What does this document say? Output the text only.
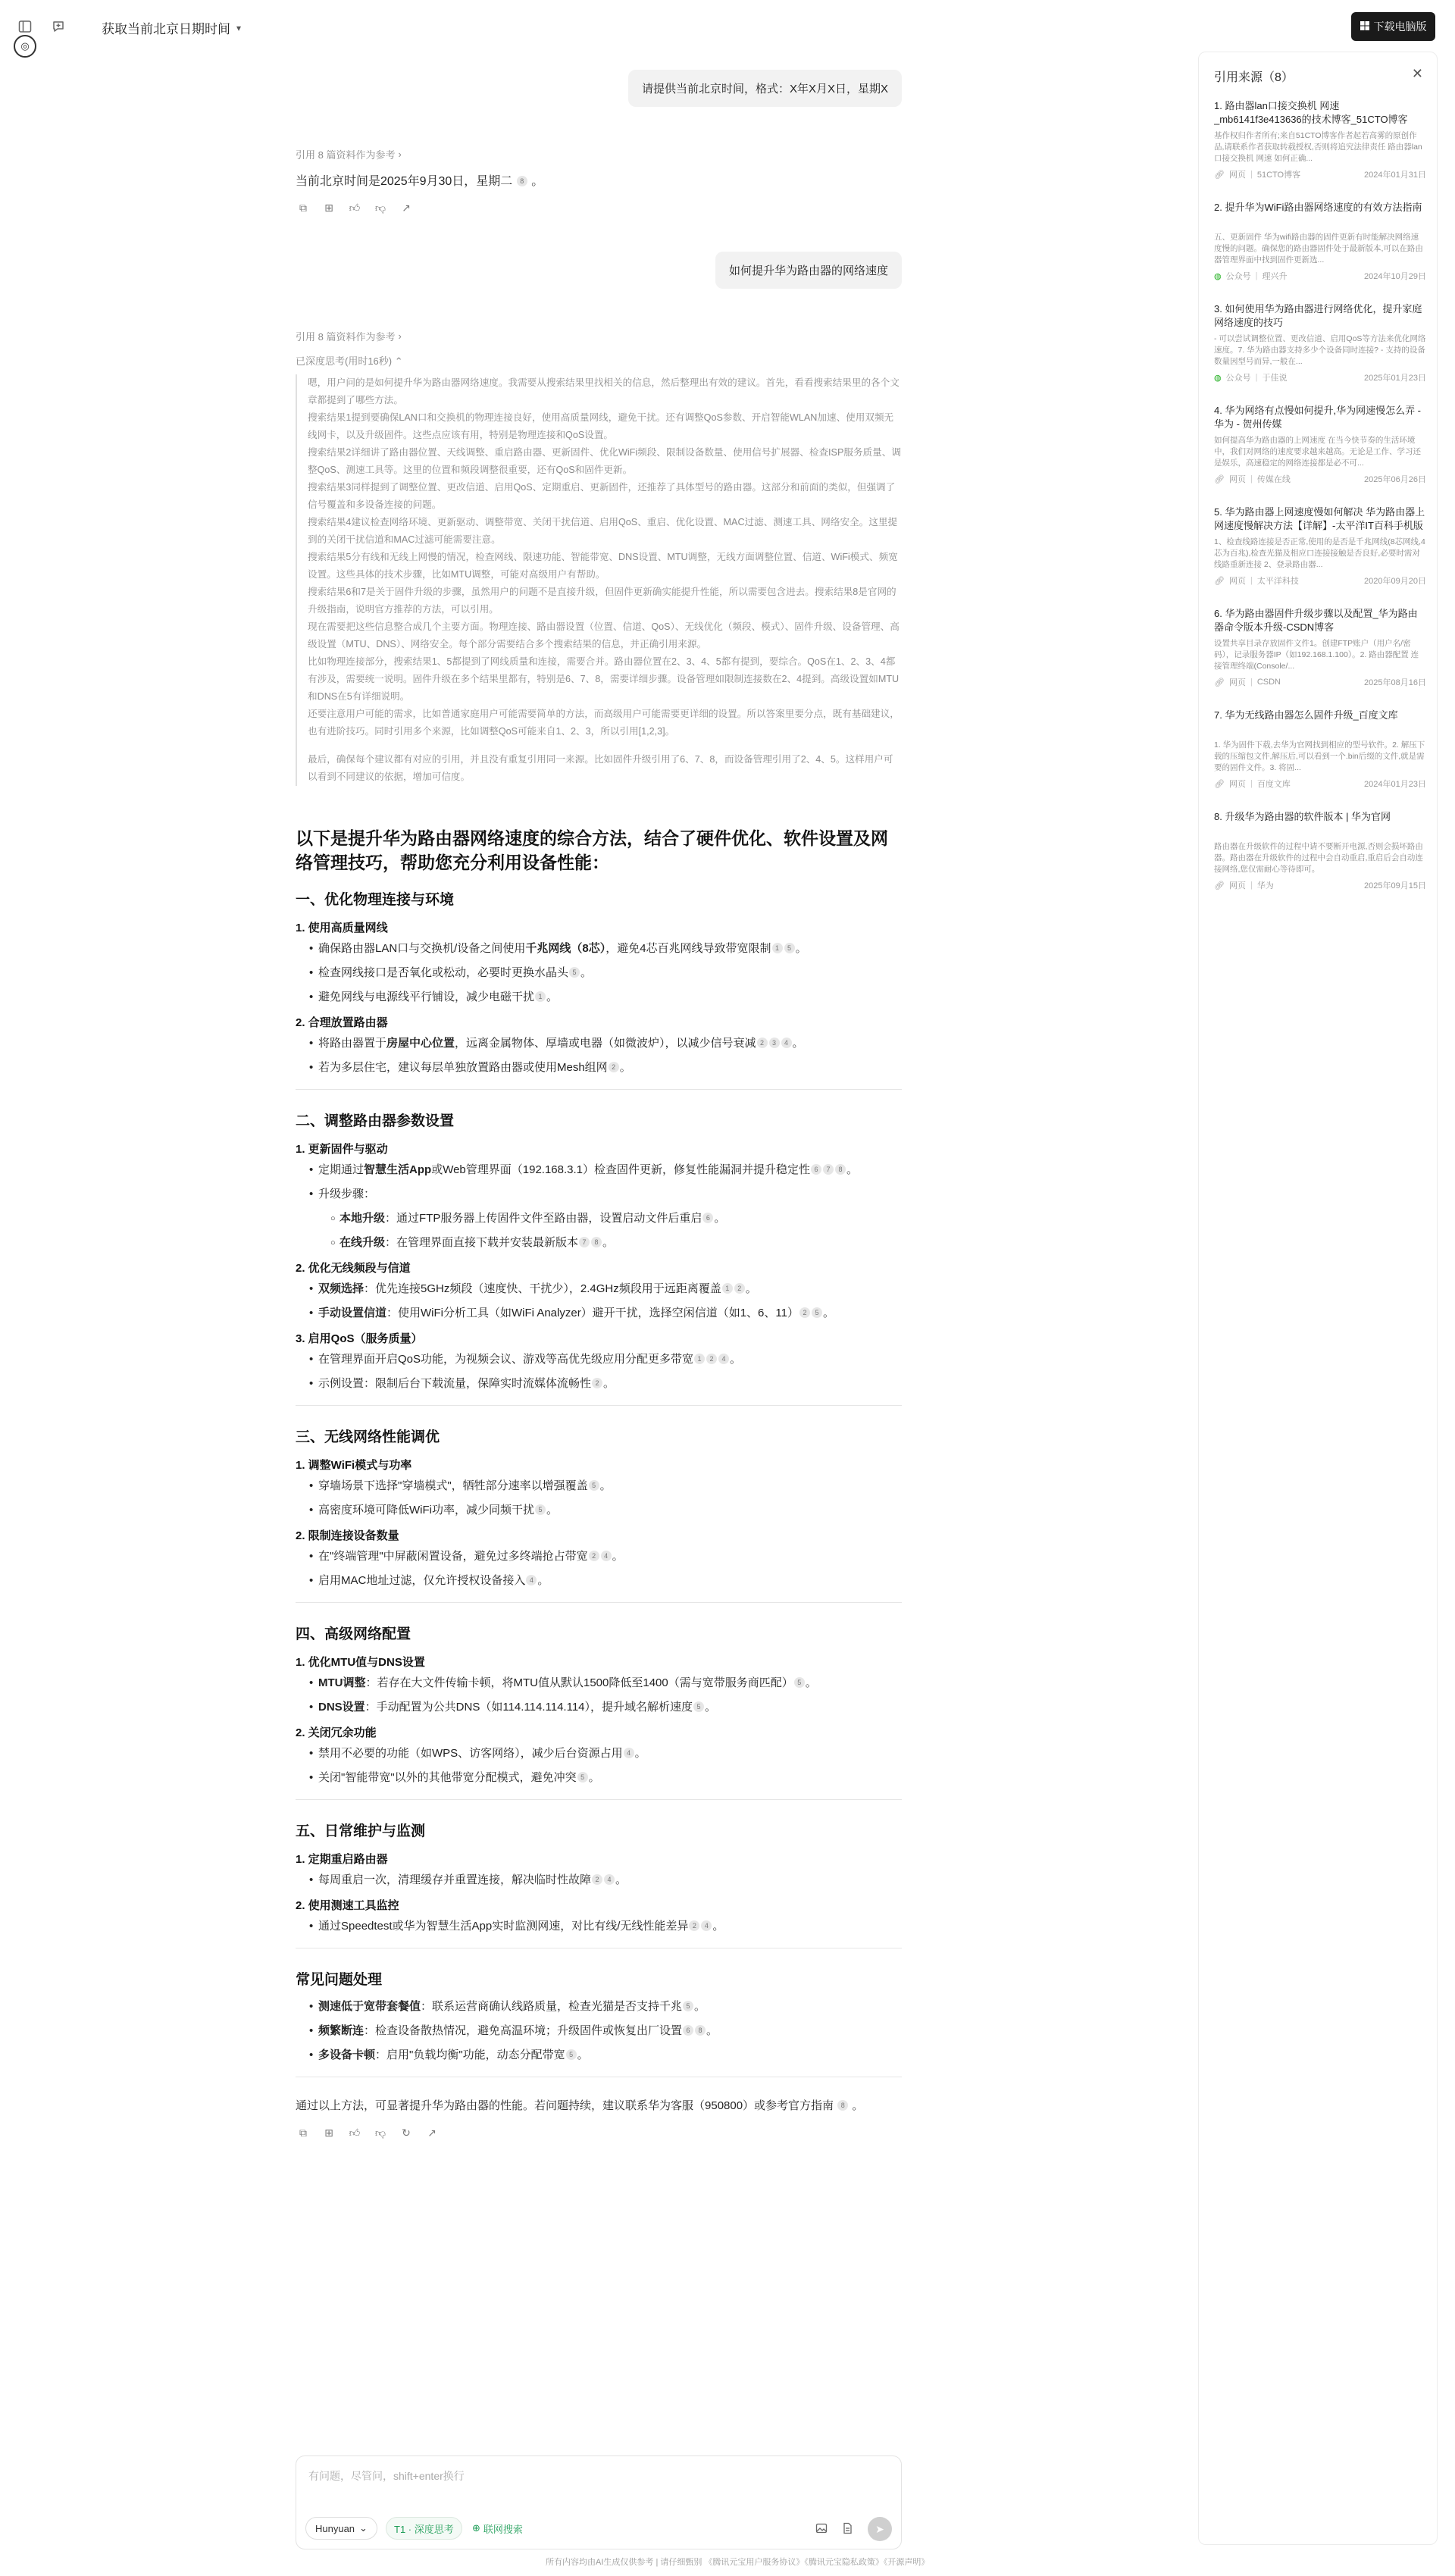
获取当前北京日期时间 ▾
◎
下载电脑版
请提供当前北京时间，格式：X年X月X日，星期X
引用 8 篇资料作为参考 ›
当前北京时间是2025年9月30日，星期二 8 。
⧉	⊞ 👍︎ 👎︎ ↗
如何提升华为路由器的网络速度
引用 8 篇资料作为参考 ›
已深度思考(用时16秒) ⌃

嗯，用户问的是如何提升华为路由器网络速度。我需要从搜索结果里找相关的信息，然后整理出有效的建议。首先，看看搜索结果里的各个文章都提到了哪些方法。

搜索结果1提到要确保LAN口和交换机的物理连接良好，使用高质量网线，避免干扰。还有调整QoS参数、开启智能WLAN加速、使用双频无线网卡，以及升级固件。这些点应该有用，特别是物理连接和QoS设置。

搜索结果2详细讲了路由器位置、天线调整、重启路由器、更新固件、优化WiFi频段、限制设备数量、使用信号扩展器、检查ISP服务质量、调整QoS、测速工具等。这里的位置和频段调整很重要，还有QoS和固件更新。

搜索结果3同样提到了调整位置、更改信道、启用QoS、定期重启、更新固件，还推荐了具体型号的路由器。这部分和前面的类似，但强调了信号覆盖和多设备连接的问题。

搜索结果4建议检查网络环境、更新驱动、调整带宽、关闭干扰信道、启用QoS、重启、优化设置、MAC过滤、测速工具、网络安全。这里提到的关闭干扰信道和MAC过滤可能需要注意。

搜索结果5分有线和无线上网慢的情况，检查网线、限速功能、智能带宽、DNS设置、MTU调整，无线方面调整位置、信道、WiFi模式、频宽设置。这些具体的技术步骤，比如MTU调整，可能对高级用户有帮助。

搜索结果6和7是关于固件升级的步骤，虽然用户的问题不是直接升级，但固件更新确实能提升性能，所以需要包含进去。搜索结果8是官网的升级指南，说明官方推荐的方法，可以引用。

现在需要把这些信息整合成几个主要方面。物理连接、路由器设置（位置、信道、QoS）、无线优化（频段、模式）、固件升级、设备管理、高级设置（MTU、DNS）、网络安全。每个部分需要结合多个搜索结果的信息，并正确引用来源。

比如物理连接部分，搜索结果1、5都提到了网线质量和连接，需要合并。路由器位置在2、3、4、5都有提到，要综合。QoS在1、2、3、4都有涉及，需要统一说明。固件升级在多个结果里都有，特别是6、7、8，需要详细步骤。设备管理如限制连接数在2、4提到。高级设置如MTU和DNS在5有详细说明。

还要注意用户可能的需求，比如普通家庭用户可能需要简单的方法，而高级用户可能需要更详细的设置。所以答案里要分点，既有基础建议，也有进阶技巧。同时引用多个来源，比如调整QoS可能来自1、2、3，所以引用[1,2,3]。

最后，确保每个建议都有对应的引用，并且没有重复引用同一来源。比如固件升级引用了6、7、8，而设备管理引用了2、4、5。这样用户可以看到不同建议的依据，增加可信度。

以下是提升华为路由器网络速度的综合方法，结合了硬件优化、软件设置及网络管理技巧，帮助您充分利用设备性能：
一、优化物理连接与环境
1. 使用高质量网线
• 确保路由器LAN口与交换机/设备之间使用千兆网线（8芯），避免4芯百兆网线导致带宽限制 1 5 。
• 检查网线接口是否氧化或松动，必要时更换水晶头 5 。
• 避免网线与电源线平行铺设，减少电磁干扰 1 。
2. 合理放置路由器
• 将路由器置于房屋中心位置，远离金属物体、厚墙或电器（如微波炉），以减少信号衰减 2 3 4 。
• 若为多层住宅，建议每层单独放置路由器或使用Mesh组网 2 。
二、调整路由器参数设置
1. 更新固件与驱动
• 定期通过智慧生活App或Web管理界面（192.168.3.1）检查固件更新，修复性能漏洞并提升稳定性 6 7 8 。
• 升级步骤：
○ 本地升级：通过FTP服务器上传固件文件至路由器，设置启动文件后重启 6 。
○ 在线升级：在管理界面直接下载并安装最新版本 7 8 。
2. 优化无线频段与信道
• 双频选择：优先连接5GHz频段（速度快、干扰少），2.4GHz频段用于远距离覆盖 1 2 。
• 手动设置信道：使用WiFi分析工具（如WiFi Analyzer）避开干扰，选择空闲信道（如1、6、11） 2 5 。
3. 启用QoS（服务质量）
• 在管理界面开启QoS功能，为视频会议、游戏等高优先级应用分配更多带宽 1 2 4 。
• 示例设置：限制后台下载流量，保障实时流媒体流畅性 2 。
三、无线网络性能调优
1. 调整WiFi模式与功率
• 穿墙场景下选择"穿墙模式"，牺牲部分速率以增强覆盖 5 。
• 高密度环境可降低WiFi功率，减少同频干扰 5 。
2. 限制连接设备数量
• 在"终端管理"中屏蔽闲置设备，避免过多终端抢占带宽 2 4 。
• 启用MAC地址过滤，仅允许授权设备接入 4 。
四、高级网络配置
1. 优化MTU值与DNS设置
• MTU调整：若存在大文件传输卡顿，将MTU值从默认1500降低至1400（需与宽带服务商匹配） 5 。
• DNS设置：手动配置为公共DNS（如114.114.114.114），提升域名解析速度 5 。
2. 关闭冗余功能
• 禁用不必要的功能（如WPS、访客网络），减少后台资源占用 4 。
• 关闭"智能带宽"以外的其他带宽分配模式，避免冲突 5 。
五、日常维护与监测
1. 定期重启路由器
• 每周重启一次，清理缓存并重置连接，解决临时性故障 2 4 。
2. 使用测速工具监控
• 通过Speedtest或华为智慧生活App实时监测网速，对比有线/无线性能差异 2 4 。
常见问题处理
• 测速低于宽带套餐值：联系运营商确认线路质量，检查光猫是否支持千兆 5 。
• 频繁断连：检查设备散热情况，避免高温环境；升级固件或恢复出厂设置 6 8 。
• 多设备卡顿：启用"负载均衡"功能，动态分配带宽 5 。
通过以上方法，可显著提升华为路由器的性能。若问题持续，建议联系华为客服（950800）或参考官方指南 8 。
⧉	⊞ 👍︎ 👎︎ ↻ ↗
有问题，尽管问，shift+enter换行
Hunyuan ⌄	T1 · 深度思考 ⊕ 联网搜索	➤
所有内容均由AI生成仅供参考 | 请仔细甄别 《腾讯元宝用户服务协议》《腾讯元宝隐私政策》《开源声明》
引用来源（8）	✕
1. 路由器lan口接交换机 网速_mb6141f3e413636的技术博客_51CTO博客
基作权归作者所有;来自51CTO博客作者起若高雾的原创作品,请联系作者获取转载授权,否则将追究法律责任 路由器lan口接交换机 网速 如何正确...
🔗︎ 网页 | 51CTO博客	2024年01月31日
2. 提升华为WiFi路由器网络速度的有效方法指南
五、更新固件 华为wifi路由器的固件更新有时能解决网络速度慢的问题。确保您的路由器固件处于最新版本,可以在路由器管理界面中找到固件更新选...
◍ 公众号 | 理兴升	2024年10月29日
3. 如何使用华为路由器进行网络优化，提升家庭网络速度的技巧
- 可以尝试调整位置、更改信道、启用QoS等方法来优化网络速度。7. 华为路由器支持多少个设备同时连接? - 支持的设备数量因型号而异,一般在...
◍ 公众号 | 于佳说	2025年01月23日
4. 华为网络有点慢如何提升,华为网速慢怎么弄 - 华为 - 贺州传媒
如何提高华为路由器的上网速度 在当今快节奏的生活环境中，我们对网络的速度要求越来越高。无论是工作、学习还是娱乐，高速稳定的网络连接都是必不可...
🔗︎ 网页 | 传媒在线	2025年06月26日
5. 华为路由器上网速度慢如何解决 华为路由器上网速度慢解决方法【详解】-太平洋IT百科手机版
1、检查线路连接是否正常,使用的是否是千兆网线(8芯网线,4芯为百兆),检查光猫及相应口连接接触是否良好,必要时需对线路重新连接 2、登录路由器...
🔗︎ 网页 | 太平洋科技	2020年09月20日
6. 华为路由器固件升级步骤以及配置_华为路由器命令版本升级-CSDN博客
设置共享目录存放固件文件1。创建FTP账户（用户名/密码），记录服务器IP（如192.168.1.100）。2. 路由器配置 连接管理终端(Console/...
🔗︎ 网页 | CSDN	2025年08月16日
7. 华为无线路由器怎么固件升级_百度文库
1. 华为固件下载,去华为官网找到相应的型号软件。2. 解压下载的压缩包文件,解压后,可以看到一个.bin后缀的文件,就是需要的固件文件。3. 将固...
🔗︎ 网页 | 百度文库	2024年01月23日
8. 升级华为路由器的软件版本 | 华为官网
路由器在升级软件的过程中请不要断开电源,否则会损坏路由器。路由器在升级软件的过程中会自动重启,重启后会自动连接网络,您仅需耐心等待即可。
🔗︎ 网页 | 华为	2025年09月15日
